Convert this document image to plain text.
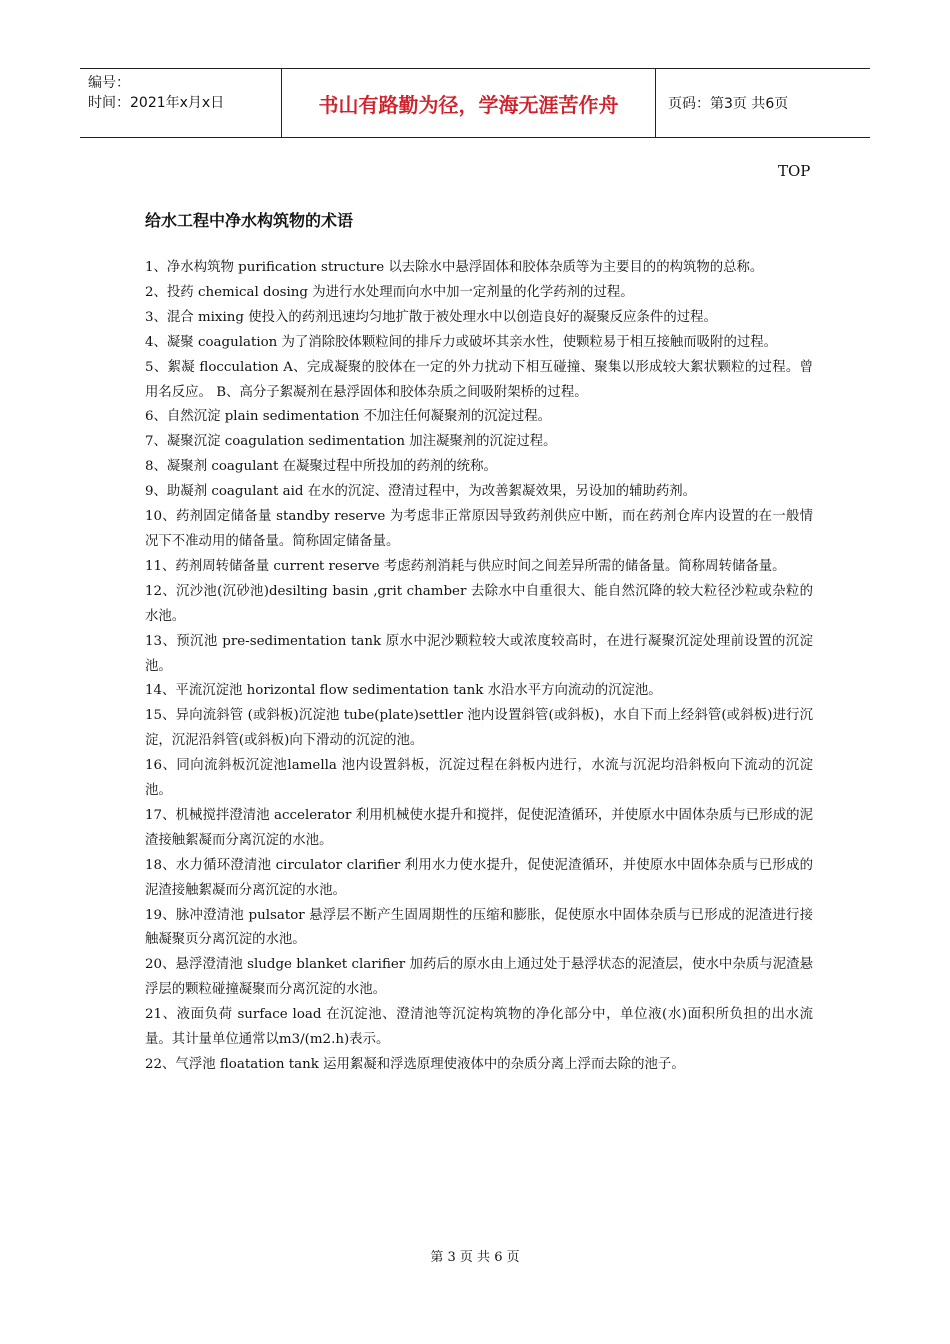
编号：
时间：2021年x月x日	书山有路勤为径，学海无涯苦作舟	页码：第3页 共6页
TOP
给水工程中净水构筑物的术语

1、净水构筑物 purification structure 以去除水中悬浮固体和胶体杂质等为主要目的的构筑物的总称。

2、投药 chemical dosing 为进行水处理而向水中加一定剂量的化学药剂的过程。

3、混合 mixing 使投入的药剂迅速均匀地扩散于被处理水中以创造良好的凝聚反应条件的过程。

4、凝聚 coagulation 为了消除胶体颗粒间的排斥力或破坏其亲水性，使颗粒易于相互接触而吸附的过程。

5、絮凝 flocculation A、完成凝聚的胶体在一定的外力扰动下相互碰撞、聚集以形成较大絮状颗粒的过程。曾用名反应。 B、高分子絮凝剂在悬浮固体和胶体杂质之间吸附架桥的过程。

6、自然沉淀 plain sedimentation 不加注任何凝聚剂的沉淀过程。

7、凝聚沉淀 coagulation sedimentation 加注凝聚剂的沉淀过程。

8、凝聚剂 coagulant 在凝聚过程中所投加的药剂的统称。

9、助凝剂 coagulant aid 在水的沉淀、澄清过程中，为改善絮凝效果，另设加的辅助药剂。

10、药剂固定储备量 standby reserve 为考虑非正常原因导致药剂供应中断，而在药剂仓库内设置的在一般情况下不准动用的储备量。简称固定储备量。

11、药剂周转储备量 current reserve 考虑药剂消耗与供应时间之间差异所需的储备量。简称周转储备量。

12、沉沙池(沉砂池)desilting basin ,grit chamber 去除水中自重很大、能自然沉降的较大粒径沙粒或杂粒的水池。

13、预沉池 pre-sedimentation tank 原水中泥沙颗粒较大或浓度较高时，在进行凝聚沉淀处理前设置的沉淀池。

14、平流沉淀池 horizontal flow sedimentation tank 水沿水平方向流动的沉淀池。

15、异向流斜管 (或斜板)沉淀池 tube(plate)settler 池内设置斜管(或斜板)，水自下而上经斜管(或斜板)进行沉淀，沉泥沿斜管(或斜板)向下滑动的沉淀的池。

16、同向流斜板沉淀池lamella 池内设置斜板，沉淀过程在斜板内进行，水流与沉泥均沿斜板向下流动的沉淀池。

17、机械搅拌澄清池 accelerator 利用机械使水提升和搅拌，促使泥渣循环，并使原水中固体杂质与已形成的泥渣接触絮凝而分离沉淀的水池。

18、水力循环澄清池 circulator clarifier 利用水力使水提升，促使泥渣循环，并使原水中固体杂质与已形成的泥渣接触絮凝而分离沉淀的水池。

19、脉冲澄清池 pulsator 悬浮层不断产生固周期性的压缩和膨胀，促使原水中固体杂质与已形成的泥渣进行接触凝聚页分离沉淀的水池。

20、悬浮澄清池 sludge blanket clarifier 加药后的原水由上通过处于悬浮状态的泥渣层，使水中杂质与泥渣悬浮层的颗粒碰撞凝聚而分离沉淀的水池。

21、液面负荷 surface load 在沉淀池、澄清池等沉淀构筑物的净化部分中，单位液(水)面积所负担的出水流量。其计量单位通常以m3/(m2.h)表示。

22、气浮池 floatation tank 运用絮凝和浮选原理使液体中的杂质分离上浮而去除的池子。

第 3 页 共 6 页
